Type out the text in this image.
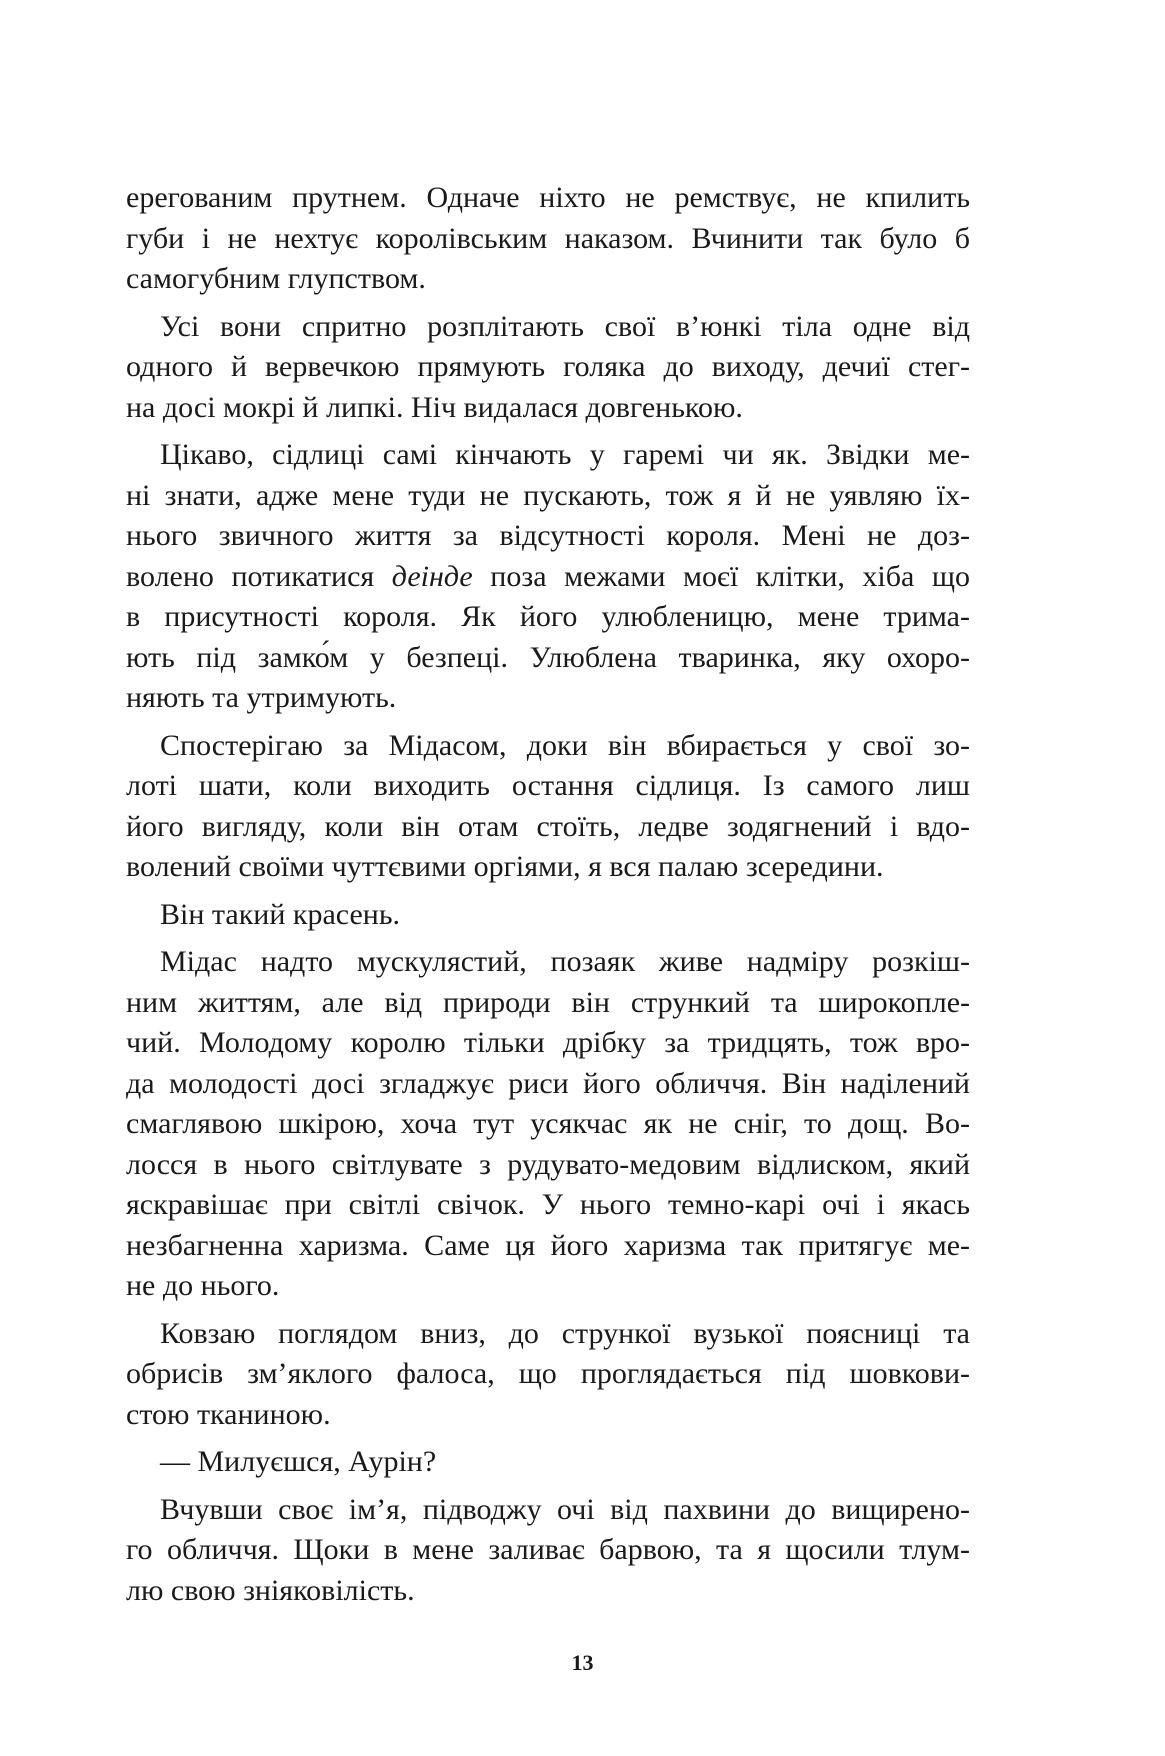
ерегованим прутнем. Одначе ніхто не ремствує, не кпилить
губи і не нехтує королівським наказом. Вчинити так було б
самогубним глупством.
Усі вони спритно розплітають свої в’юнкі тіла одне від
одного й вервечкою прямують голяка до виходу, дечиї стег-
на досі мокрі й липкі. Ніч видалася довгенькою.
Цікаво, сідлиці самі кінчають у гаремі чи як. Звідки ме-
ні знати, адже мене туди не пускають, тож я й не уявляю їх-
нього звичного життя за відсутності короля. Мені не доз-
волено потикатися деінде поза межами моєї клітки, хіба що
в присутності короля. Як його улюбленицю, мене трима-
ють під замко́м у безпеці. Улюблена тваринка, яку охоро-
няють та утримують.
Спостерігаю за Мідасом, доки він вбирається у свої зо-
лоті шати, коли виходить остання сідлиця. Із самого лиш
його вигляду, коли він отам стоїть, ледве зодягнений і вдо-
волений своїми чуттєвими оргіями, я вся палаю зсередини.
Він такий красень.
Мідас надто мускулястий, позаяк живе надміру розкіш-
ним життям, але від природи він стрункий та широкопле-
чий. Молодому королю тільки дрібку за тридцять, тож вро-
да молодості досі згладжує риси його обличчя. Він наділений
смаглявою шкірою, хоча тут усякчас як не сніг, то дощ. Во-
лосся в нього світлувате з рудувато-медовим відлиском, який
яскравішає при світлі свічок. У нього темно-карі очі і якась
незбагненна харизма. Саме ця його харизма так притягує ме-
не до нього.
Ковзаю поглядом вниз, до стрункої вузької поясниці та
обрисів зм’яклого фалоса, що проглядається під шовкови-
стою тканиною.
— Милуєшся, Аурін?
Вчувши своє ім’я, підводжу очі від пахвини до вищирено-
го обличчя. Щоки в мене заливає барвою, та я щосили тлум-
лю свою зніяковілість.
13
